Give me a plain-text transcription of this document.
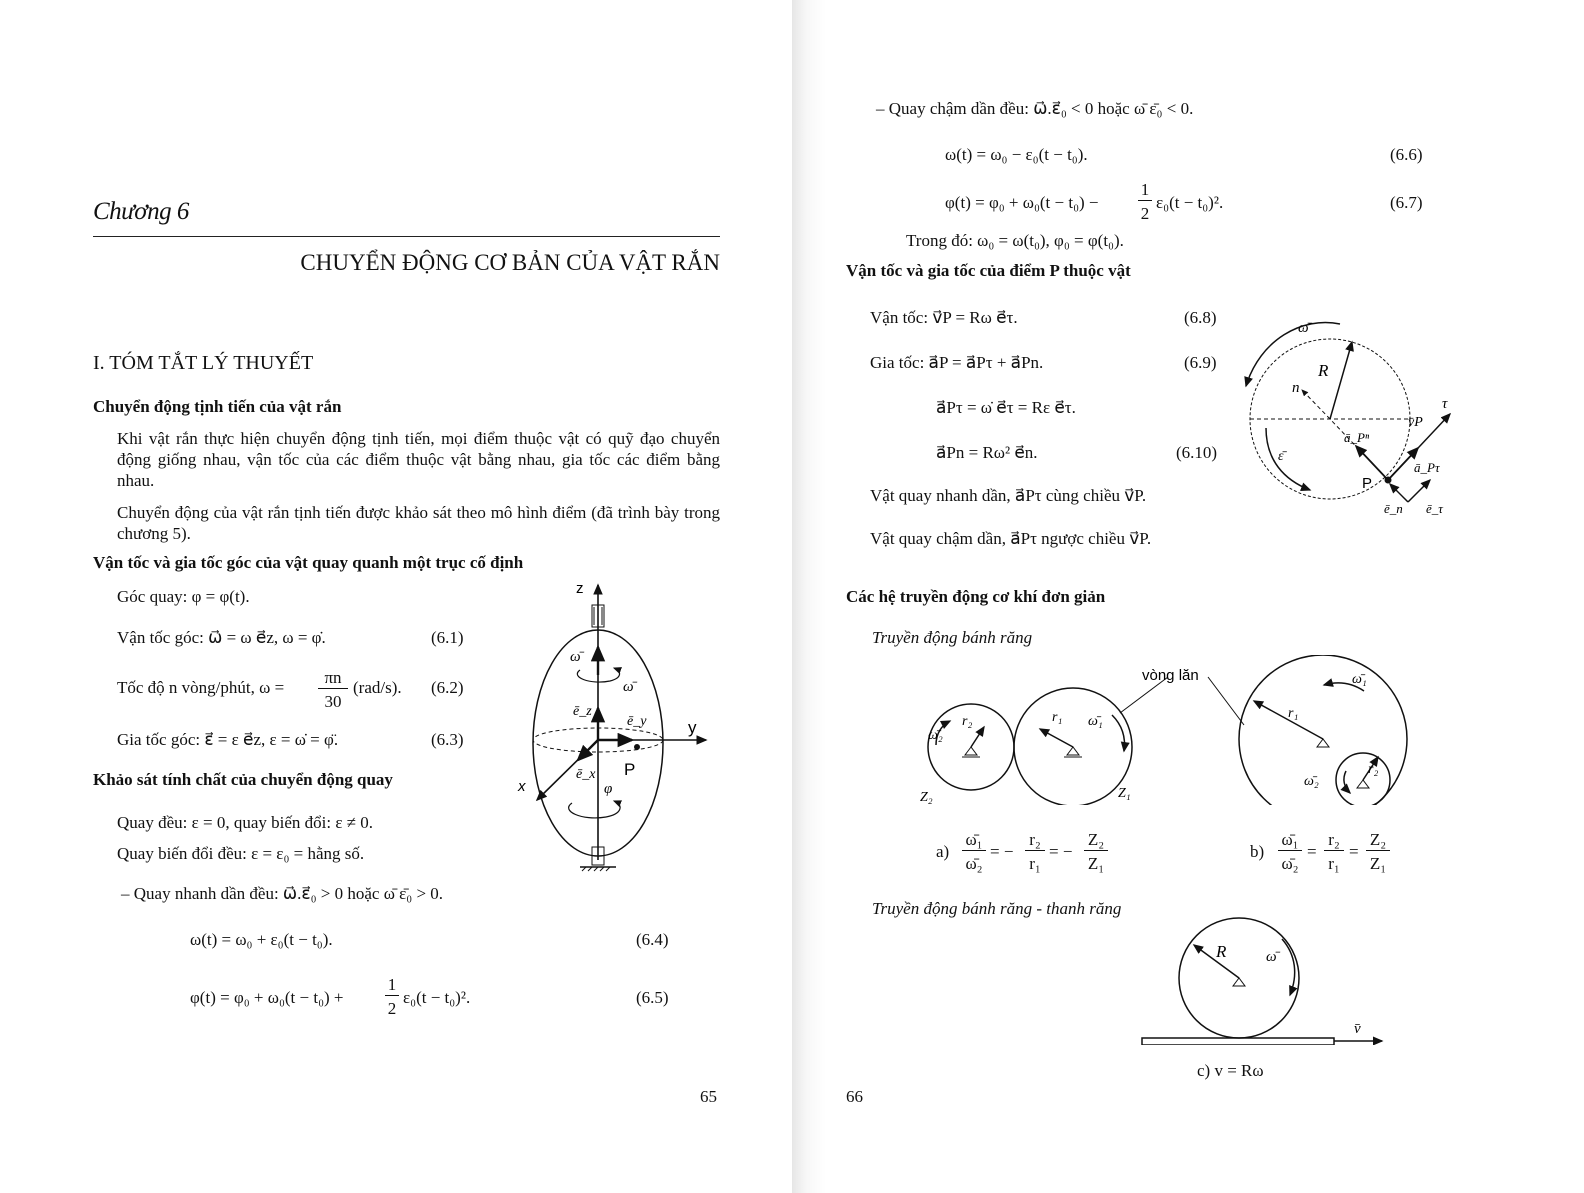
Chương 6
CHUYỂN ĐỘNG CƠ BẢN CỦA VẬT RẮN
I. TÓM TẮT LÝ THUYẾT
Chuyển động tịnh tiến của vật rắn
Khi vật rắn thực hiện chuyển động tịnh tiến, mọi điểm thuộc vật có quỹ đạo chuyển động giống nhau, vận tốc của các điểm thuộc vật bằng nhau, gia tốc các điểm bằng nhau.
Chuyển động của vật rắn tịnh tiến được khảo sát theo mô hình điểm (đã trình bày trong chương 5).
Vận tốc và gia tốc góc của vật quay quanh một trục cố định
Góc quay: φ = φ(t).
Vận tốc góc: ω⃗ = ω e⃗z, ω = φ̇.	(6.1)
Tốc độ n vòng/phút, ω =
πn
30
(rad/s). (6.2)
Gia tốc góc: ε⃗ = ε e⃗z, ε = ω̇ = φ̈.	(6.3)
Khảo sát tính chất của chuyển động quay
Quay đều: ε = 0, quay biến đổi: ε ≠ 0.
Quay biến đổi đều: ε = ε₀ = hằng số.
– Quay nhanh dần đều: ω⃗.ε⃗₀ > 0 hoặc ω̄ ε̄₀ > 0.
ω(t) = ω₀ + ε₀(t − t₀).	(6.4)
φ(t) = φ₀ + ω₀(t − t₀) +
1
2
ε₀(t − t₀)².	(6.5)
z
y
x
P
ω̄
ω̄
ē_z
ē_y
ē_x
φ
65
– Quay chậm dần đều: ω⃗.ε⃗₀ < 0 hoặc ω̄ ε̄₀ < 0.
ω(t) = ω₀ − ε₀(t − t₀).	(6.6)
φ(t) = φ₀ + ω₀(t − t₀) −
1
2
ε₀(t − t₀)².	(6.7)
Trong đó: ω₀ = ω(t₀), φ₀ = φ(t₀).
Vận tốc và gia tốc của điểm P thuộc vật
Vận tốc: v⃗P = Rω e⃗τ.	(6.8)
Gia tốc: a⃗P = a⃗Pτ + a⃗Pn.	(6.9)
a⃗Pτ = ω̇ e⃗τ = Rε e⃗τ.
a⃗Pn = Rω² e⃗n.	(6.10)
Vật quay nhanh dần, a⃗Pτ cùng chiều v⃗P.
Vật quay chậm dần, a⃗Pτ ngược chiều v⃗P.
ω̄
R
n
τ
v̄P
ā_Pⁿ
ā_Pτ
ε̄
P
ē_n ē_τ
Các hệ truyền động cơ khí đơn giản
Truyền động bánh răng
vòng lăn
r₂	r₁
ω̄₂
ω̄₁
Z₂	Z₁
r₁
r₂
ω̄₁
ω̄₂
a)
ω̄₁
ω̄₂
= −
r₂
r₁
= −
Z₂
Z₁
b)
ω̄₁
ω̄₂
=
r₂
r₁
=
Z₂
Z₁
Truyền động bánh răng - thanh răng
R	ω̄
v̄
c) v = Rω
66
